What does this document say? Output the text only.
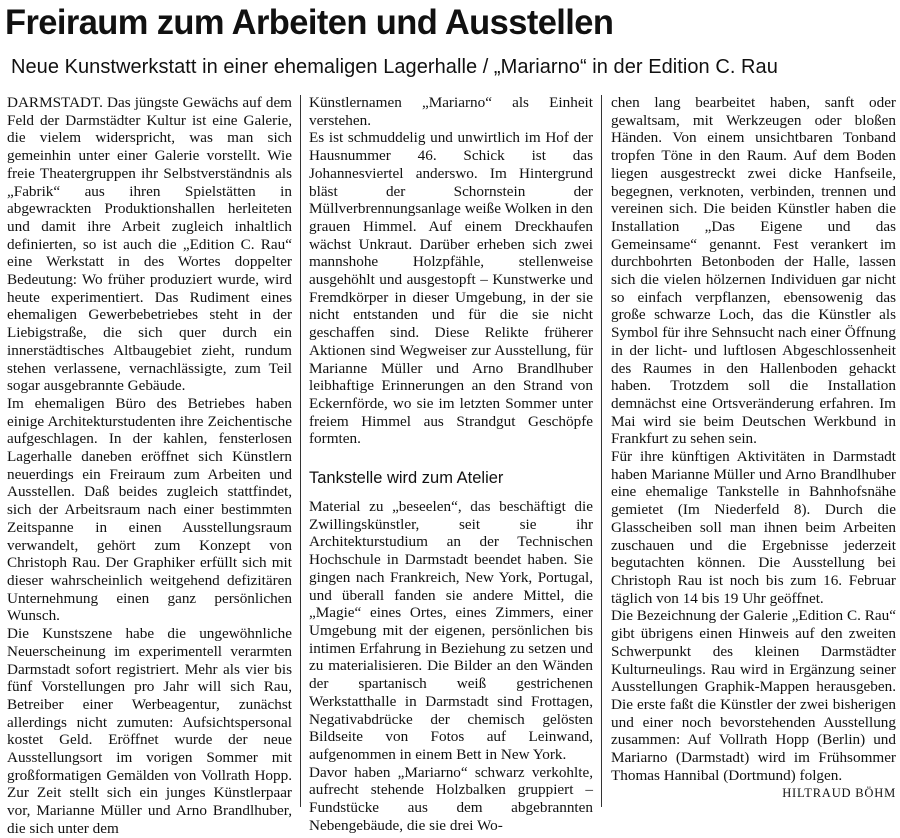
Freiraum zum Arbeiten und Ausstellen
Neue Kunstwerkstatt in einer ehemaligen Lagerhalle / „Mariarno“ in der Edition C. Rau

DARMSTADT. Das jüngste Gewächs auf dem Feld der Darmstädter Kultur ist eine Galerie, die vielem widerspricht, was man sich gemeinhin unter einer Galerie vorstellt. Wie freie Theatergruppen ihr Selbstverständnis als „Fabrik“ aus ihren Spielstätten in abgewrackten Produktionshallen herleiteten und damit ihre Arbeit zugleich inhaltlich definierten, so ist auch die „Edition C. Rau“ eine Werkstatt in des Wortes doppelter Bedeutung: Wo früher produziert wurde, wird heute experimentiert. Das Rudiment eines ehemaligen Gewerbebetriebes steht in der Liebigstraße, die sich quer durch ein innerstädtisches Altbaugebiet zieht, rundum stehen verlassene, vernachlässigte, zum Teil sogar ausgebrannte Gebäude.

Im ehemaligen Büro des Betriebes haben einige Architekturstudenten ihre Zeichentische aufgeschlagen. In der kahlen, fensterlosen Lagerhalle daneben eröffnet sich Künstlern neuerdings ein Freiraum zum Arbeiten und Ausstellen. Daß beides zugleich stattfindet, sich der Arbeitsraum nach einer bestimmten Zeitspanne in einen Ausstellungsraum verwandelt, gehört zum Konzept von Christoph Rau. Der Graphiker erfüllt sich mit dieser wahrscheinlich weitgehend defizitären Unternehmung einen ganz persönlichen Wunsch.

Die Kunstszene habe die ungewöhnliche Neuerscheinung im experimentell verarmten Darmstadt sofort registriert. Mehr als vier bis fünf Vorstellungen pro Jahr will sich Rau, Betreiber einer Werbeagentur, zunächst allerdings nicht zumuten: Aufsichtspersonal kostet Geld. Eröffnet wurde der neue Ausstellungsort im vorigen Sommer mit großformatigen Gemälden von Vollrath Hopp. Zur Zeit stellt sich ein junges Künstlerpaar vor, Marianne Müller und Arno Brandlhuber, die sich unter dem

Künstlernamen „Mariarno“ als Einheit verstehen.

Es ist schmuddelig und unwirtlich im Hof der Hausnummer 46. Schick ist das Johannesviertel anderswo. Im Hintergrund bläst der Schornstein der Müllverbrennungsanlage weiße Wolken in den grauen Himmel. Auf einem Dreckhaufen wächst Unkraut. Darüber erheben sich zwei mannshohe Holzpfähle, stellenweise ausgehöhlt und ausgestopft – Kunstwerke und Fremdkörper in dieser Umgebung, in der sie nicht entstanden und für die sie nicht geschaffen sind. Diese Relikte früherer Aktionen sind Wegweiser zur Ausstellung, für Marianne Müller und Arno Brandlhuber leibhaftige Erinnerungen an den Strand von Eckernförde, wo sie im letzten Sommer unter freiem Himmel aus Strandgut Geschöpfe formten.

Tankstelle wird zum Atelier

Material zu „beseelen“, das beschäftigt die Zwillingskünstler, seit sie ihr Architekturstudium an der Technischen Hochschule in Darmstadt beendet haben. Sie gingen nach Frankreich, New York, Portugal, und überall fanden sie andere Mittel, die „Magie“ eines Ortes, eines Zimmers, einer Umgebung mit der eigenen, persönlichen bis intimen Erfahrung in Beziehung zu setzen und zu materialisieren. Die Bilder an den Wänden der spartanisch weiß gestrichenen Werkstatthalle in Darmstadt sind Frottagen, Negativabdrücke der chemisch gelösten Bildseite von Fotos auf Leinwand, aufgenommen in einem Bett in New York.

Davor haben „Mariarno“ schwarz verkohlte, aufrecht stehende Holzbalken gruppiert – Fundstücke aus dem abgebrannten Nebengebäude, die sie drei Wo-

chen lang bearbeitet haben, sanft oder gewaltsam, mit Werkzeugen oder bloßen Händen. Von einem unsichtbaren Tonband tropfen Töne in den Raum. Auf dem Boden liegen ausgestreckt zwei dicke Hanfseile, begegnen, verknoten, verbinden, trennen und vereinen sich. Die beiden Künstler haben die Installation „Das Eigene und das Gemeinsame“ genannt. Fest verankert im durchbohrten Betonboden der Halle, lassen sich die vielen hölzernen Individuen gar nicht so einfach verpflanzen, ebensowenig das große schwarze Loch, das die Künstler als Symbol für ihre Sehnsucht nach einer Öffnung in der licht- und luftlosen Abgeschlossenheit des Raumes in den Hallenboden gehackt haben. Trotzdem soll die Installation demnächst eine Ortsveränderung erfahren. Im Mai wird sie beim Deutschen Werkbund in Frankfurt zu sehen sein.

Für ihre künftigen Aktivitäten in Darmstadt haben Marianne Müller und Arno Brandlhuber eine ehemalige Tankstelle in Bahnhofsnähe gemietet (Im Niederfeld 8). Durch die Glasscheiben soll man ihnen beim Arbeiten zuschauen und die Ergebnisse jederzeit begutachten können. Die Ausstellung bei Christoph Rau ist noch bis zum 16. Februar täglich von 14 bis 19 Uhr geöffnet.

Die Bezeichnung der Galerie „Edition C. Rau“ gibt übrigens einen Hinweis auf den zweiten Schwerpunkt des kleinen Darmstädter Kulturneulings. Rau wird in Ergänzung seiner Ausstellungen Graphik-Mappen herausgeben. Die erste faßt die Künstler der zwei bisherigen und einer noch bevorstehenden Ausstellung zusammen: Auf Vollrath Hopp (Berlin) und Mariarno (Darmstadt) wird im Frühsommer Thomas Hannibal (Dortmund) folgen.

HILTRAUD BÖHM
